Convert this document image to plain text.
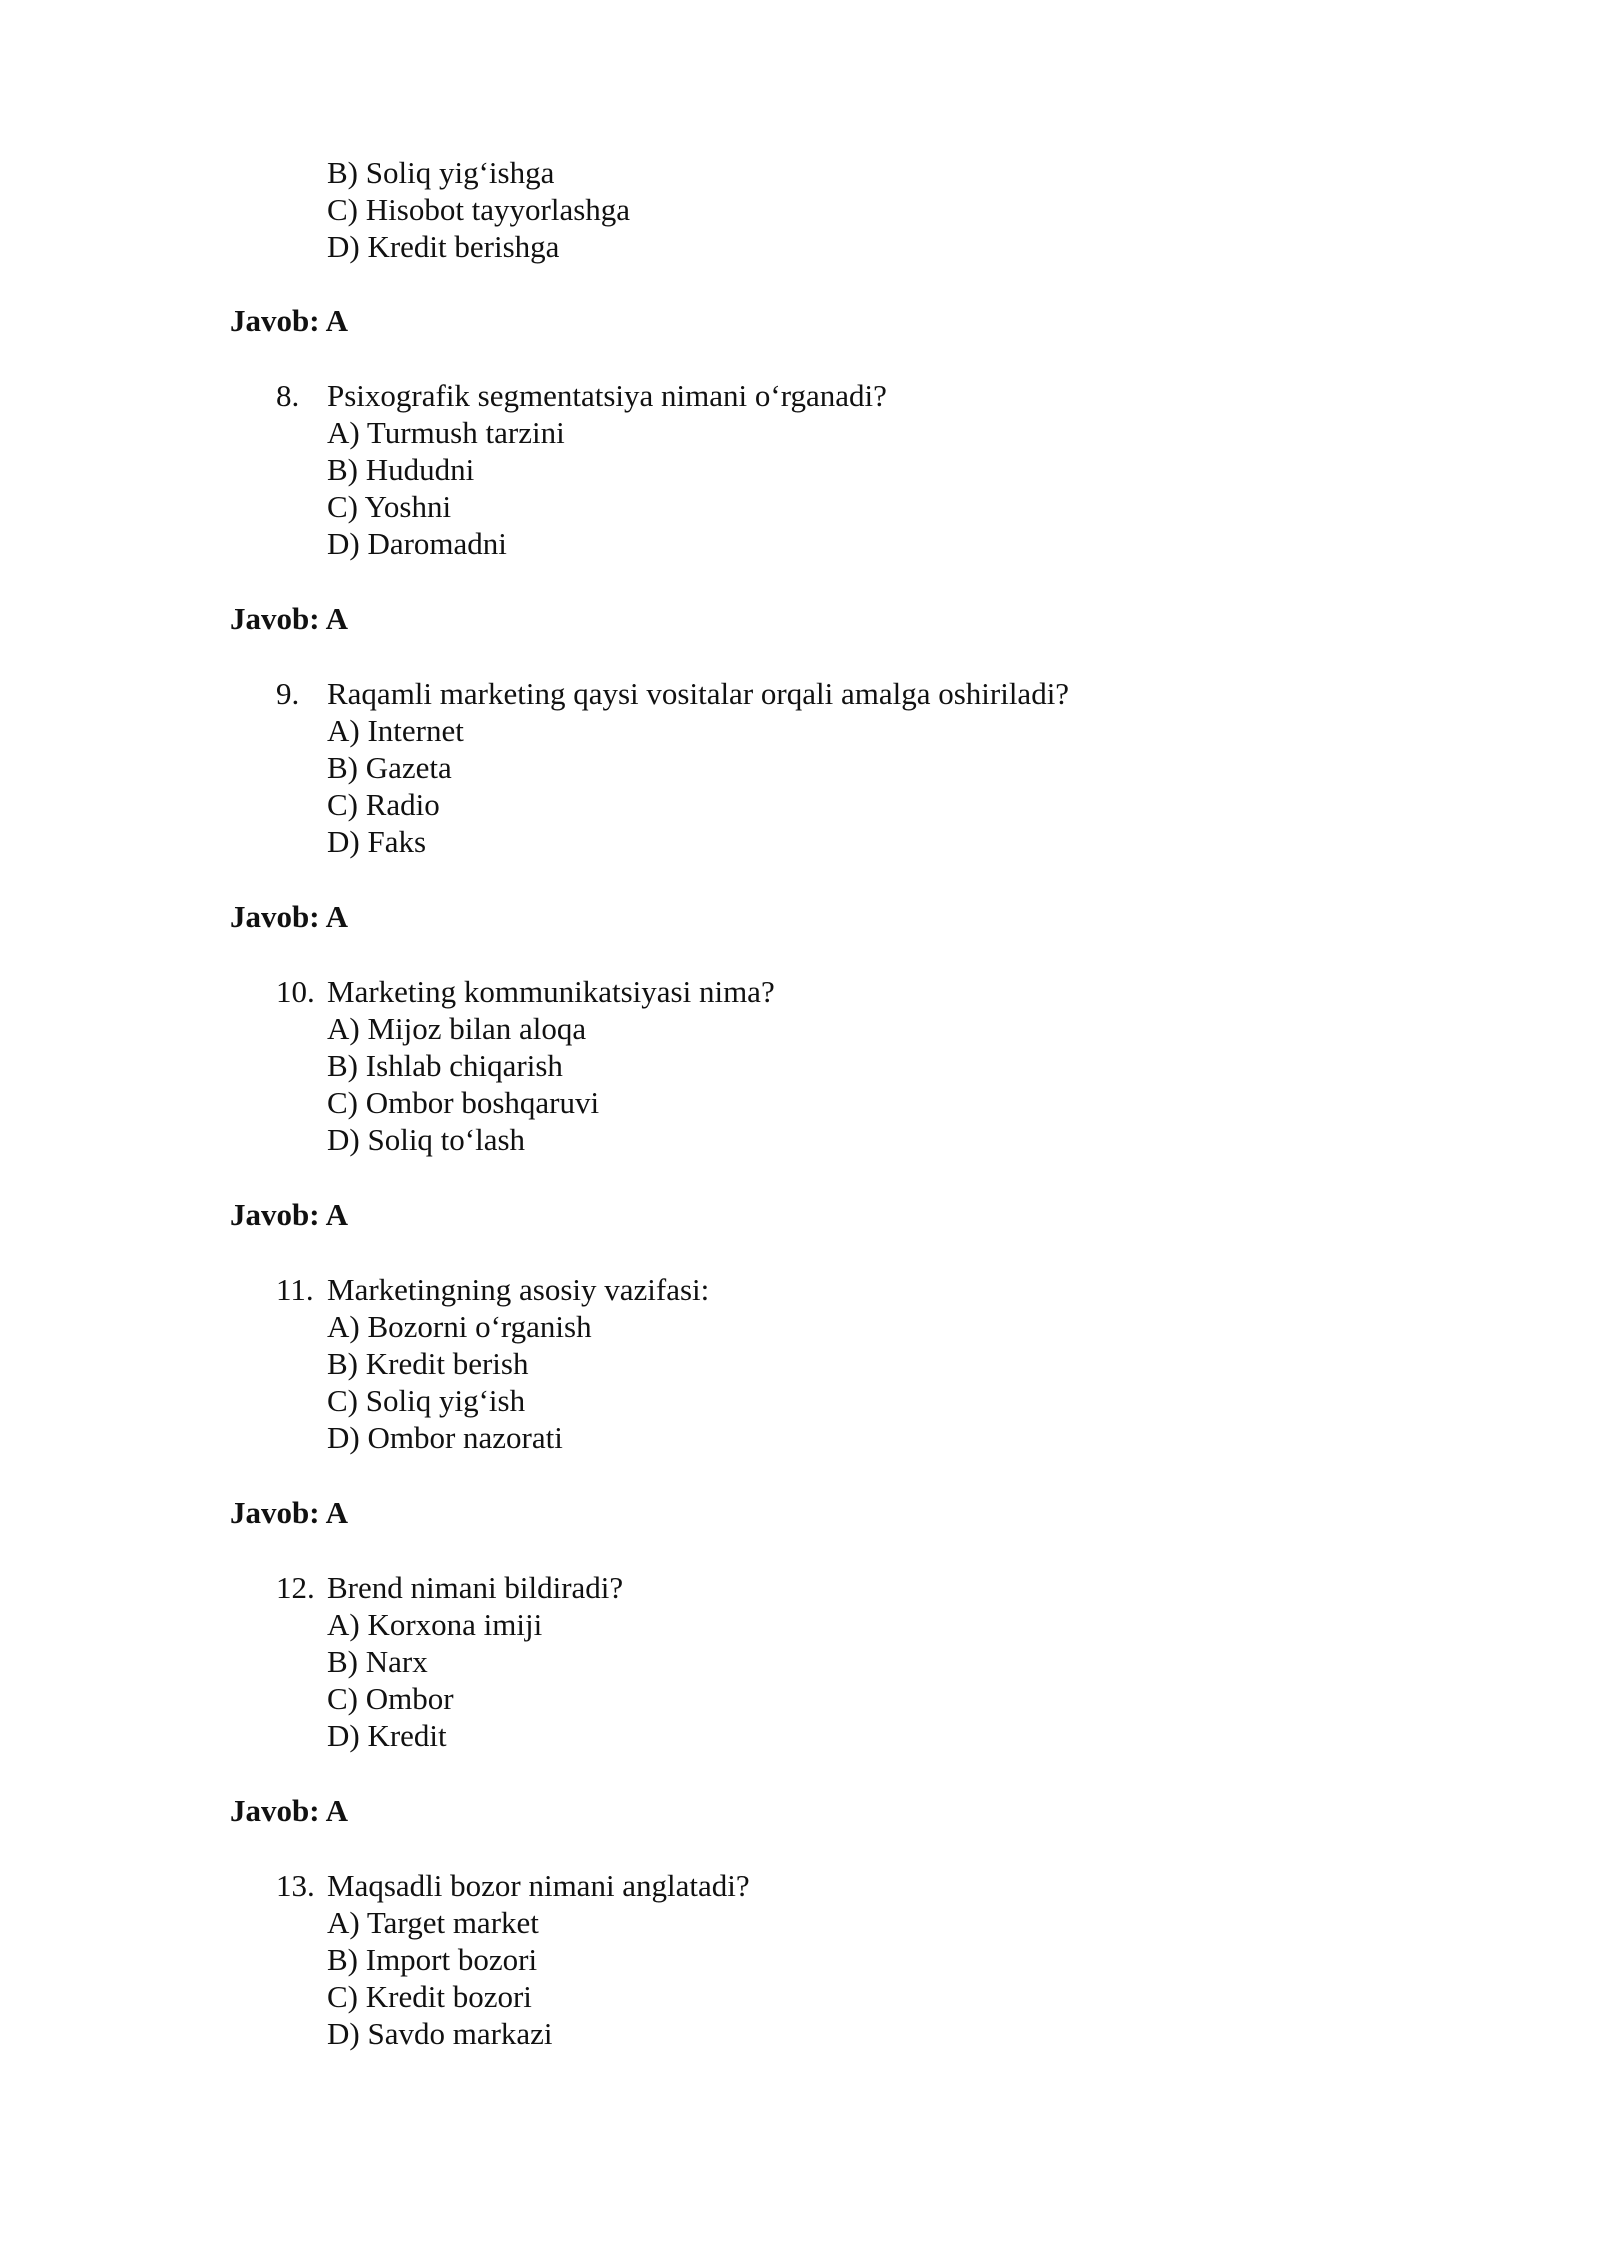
B) Soliq yig‘ishga
C) Hisobot tayyorlashga
D) Kredit berishga
Javob: A
8. Psixografik segmentatsiya nimani o‘rganadi?
A) Turmush tarzini
B) Hududni
C) Yoshni
D) Daromadni
Javob: A
9. Raqamli marketing qaysi vositalar orqali amalga oshiriladi?
A) Internet
B) Gazeta
C) Radio
D) Faks
Javob: A
10. Marketing kommunikatsiyasi nima?
A) Mijoz bilan aloqa
B) Ishlab chiqarish
C) Ombor boshqaruvi
D) Soliq to‘lash
Javob: A
11. Marketingning asosiy vazifasi:
A) Bozorni o‘rganish
B) Kredit berish
C) Soliq yig‘ish
D) Ombor nazorati
Javob: A
12. Brend nimani bildiradi?
A) Korxona imiji
B) Narx
C) Ombor
D) Kredit
Javob: A
13. Maqsadli bozor nimani anglatadi?
A) Target market
B) Import bozori
C) Kredit bozori
D) Savdo markazi
